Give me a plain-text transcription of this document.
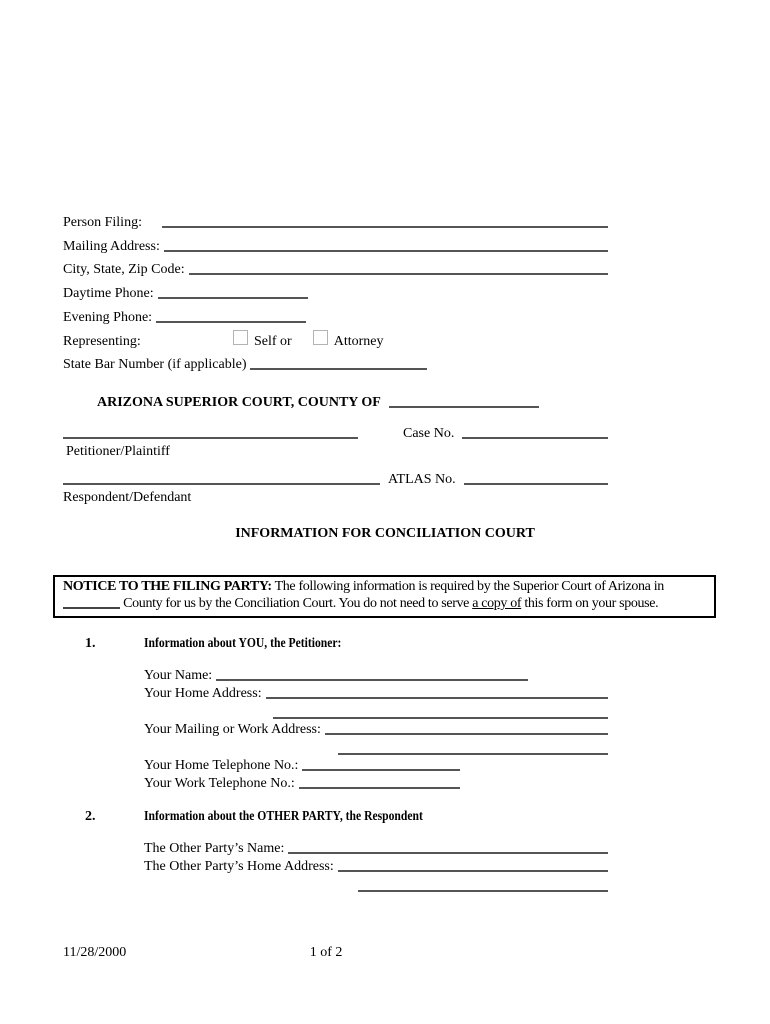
Person Filing:
Mailing Address:
City, State, Zip Code:
Daytime Phone:
Evening Phone:
Representing:	Self or	Attorney
State Bar Number (if applicable)
ARIZONA SUPERIOR COURT, COUNTY OF
Case No.
Petitioner/Plaintiff
ATLAS No.
Respondent/Defendant
INFORMATION FOR CONCILIATION COURT

NOTICE TO THE FILING PARTY: The following information is required by the Superior Court of Arizona in  County for us by the Conciliation Court. You do not need to serve a copy of this form on your spouse.

1.	Information about YOU, the Petitioner:
Your Name:
Your Home Address:
Your Mailing or Work Address:
Your Home Telephone No.:
Your Work Telephone No.:
2.	Information about the OTHER PARTY, the Respondent
The Other Party’s Name:
The Other Party’s Home Address:
11/28/2000	1 of 2
